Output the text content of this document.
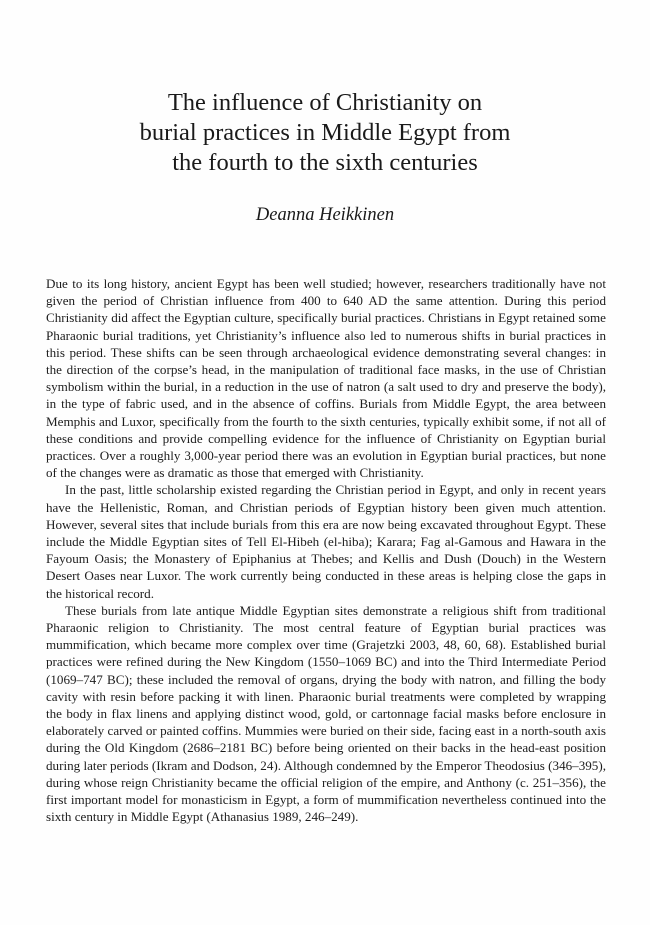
The influence of Christianity on
burial practices in Middle Egypt from
the fourth to the sixth centuries
Deanna Heikkinen

Due to its long history, ancient Egypt has been well studied; however, researchers traditionally have not given the period of Christian influence from 400 to 640 AD the same attention. During this period Christianity did affect the Egyptian culture, specifically burial practices. Christians in Egypt retained some Pharaonic burial traditions, yet Christianity’s influence also led to numerous shifts in burial practices in this period. These shifts can be seen through archaeological evidence demonstrating several changes: in the direction of the corpse’s head, in the manipulation of traditional face masks, in the use of Christian symbolism within the burial, in a reduction in the use of natron (a salt used to dry and preserve the body), in the type of fabric used, and in the absence of coffins. Burials from Middle Egypt, the area between Memphis and Luxor, specifically from the fourth to the sixth centuries, typically exhibit some, if not all of these conditions and provide compelling evidence for the influence of Christianity on Egyptian burial practices. Over a roughly 3,000-year period there was an evolution in Egyptian burial practices, but none of the changes were as dramatic as those that emerged with Christianity.

In the past, little scholarship existed regarding the Christian period in Egypt, and only in recent years have the Hellenistic, Roman, and Christian periods of Egyptian history been given much attention. However, several sites that include burials from this era are now being excavated throughout Egypt. These include the Middle Egyptian sites of Tell El-Hibeh (el-hiba); Karara; Fag al-Gamous and Hawara in the Fayoum Oasis; the Monastery of Epiphanius at Thebes; and Kellis and Dush (Douch) in the Western Desert Oases near Luxor. The work currently being conducted in these areas is helping close the gaps in the historical record.

These burials from late antique Middle Egyptian sites demonstrate a religious shift from traditional Pharaonic religion to Christianity. The most central feature of Egyptian burial practices was mummification, which became more complex over time (Grajetzki 2003, 48, 60, 68). Established burial practices were refined during the New Kingdom (1550–1069 BC) and into the Third Intermediate Period (1069–747 BC); these included the removal of organs, drying the body with natron, and filling the body cavity with resin before packing it with linen. Pharaonic burial treatments were completed by wrapping the body in flax linens and applying distinct wood, gold, or cartonnage facial masks before enclosure in elaborately carved or painted coffins. Mummies were buried on their side, facing east in a north-south axis during the Old Kingdom (2686–2181 BC) before being oriented on their backs in the head-east position during later periods (Ikram and Dodson, 24). Although condemned by the Emperor Theodosius (346–395), during whose reign Christianity became the official religion of the empire, and Anthony (c. 251–356), the first important model for monasticism in Egypt, a form of mummification nevertheless continued into the sixth century in Middle Egypt (Athanasius 1989, 246–249).
